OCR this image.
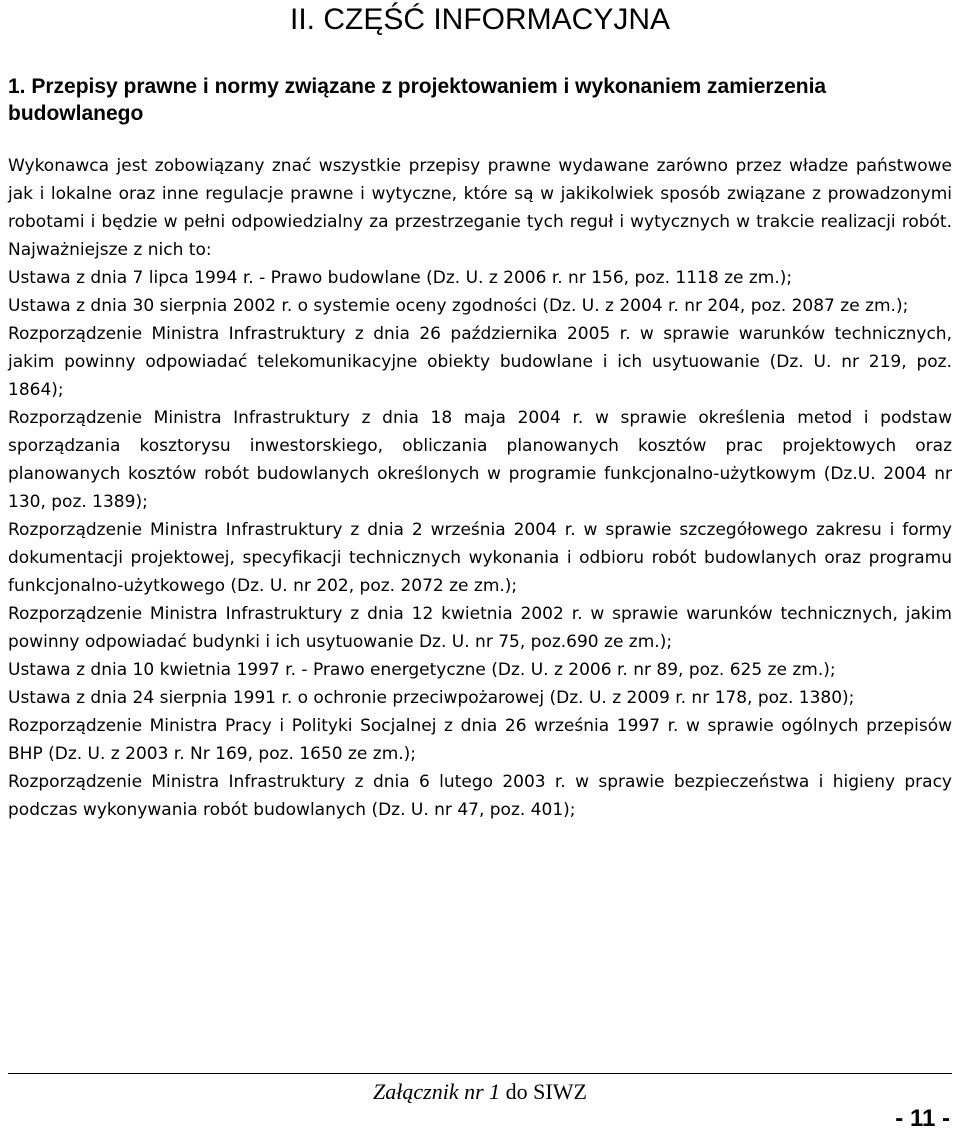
II. CZĘŚĆ INFORMACYJNA
1. Przepisy prawne i normy związane z projektowaniem i wykonaniem zamierzenia budowlanego

Wykonawca jest zobowiązany znać wszystkie przepisy prawne wydawane zarówno przez władze państwowe jak i lokalne oraz inne regulacje prawne i wytyczne, które są w jakikolwiek sposób związane z prowadzonymi robotami i będzie w pełni odpowiedzialny za przestrzeganie tych reguł i wytycznych w trakcie realizacji robót. Najważniejsze z nich to:

Ustawa z dnia 7 lipca 1994 r. - Prawo budowlane (Dz. U. z 2006 r. nr 156, poz. 1118 ze zm.);
Ustawa z dnia 30 sierpnia 2002 r. o systemie oceny zgodności (Dz. U. z 2004 r. nr 204, poz. 2087 ze zm.);
Rozporządzenie Ministra Infrastruktury z dnia 26 października 2005 r. w sprawie warunków technicznych, jakim powinny odpowiadać telekomunikacyjne obiekty budowlane i ich usytuowanie (Dz. U. nr 219, poz. 1864);
Rozporządzenie Ministra Infrastruktury z dnia 18 maja 2004 r. w sprawie określenia metod i podstaw sporządzania kosztorysu inwestorskiego, obliczania planowanych kosztów prac projektowych oraz planowanych kosztów robót budowlanych określonych w programie funkcjonalno-użytkowym (Dz.U. 2004 nr 130, poz. 1389);
Rozporządzenie Ministra Infrastruktury z dnia 2 września 2004 r. w sprawie szczegółowego zakresu i formy dokumentacji projektowej, specyfikacji technicznych wykonania i odbioru robót budowlanych oraz programu funkcjonalno-użytkowego (Dz. U. nr 202, poz. 2072 ze zm.);
Rozporządzenie Ministra Infrastruktury z dnia 12 kwietnia 2002 r. w sprawie warunków technicznych, jakim powinny odpowiadać budynki i ich usytuowanie Dz. U. nr 75, poz.690 ze zm.);
Ustawa z dnia 10 kwietnia 1997 r. - Prawo energetyczne (Dz. U. z 2006 r. nr 89, poz. 625 ze zm.);
Ustawa z dnia 24 sierpnia 1991 r. o ochronie przeciwpożarowej (Dz. U. z 2009 r. nr 178, poz. 1380);
Rozporządzenie Ministra Pracy i Polityki Socjalnej z dnia 26 września 1997 r. w sprawie ogólnych przepisów BHP (Dz. U. z 2003 r. Nr 169, poz. 1650 ze zm.);
Rozporządzenie Ministra Infrastruktury z dnia 6 lutego 2003 r. w sprawie bezpieczeństwa i higieny pracy podczas wykonywania robót budowlanych (Dz. U. nr 47, poz. 401);
Załącznik nr 1 do SIWZ
- 11 -
